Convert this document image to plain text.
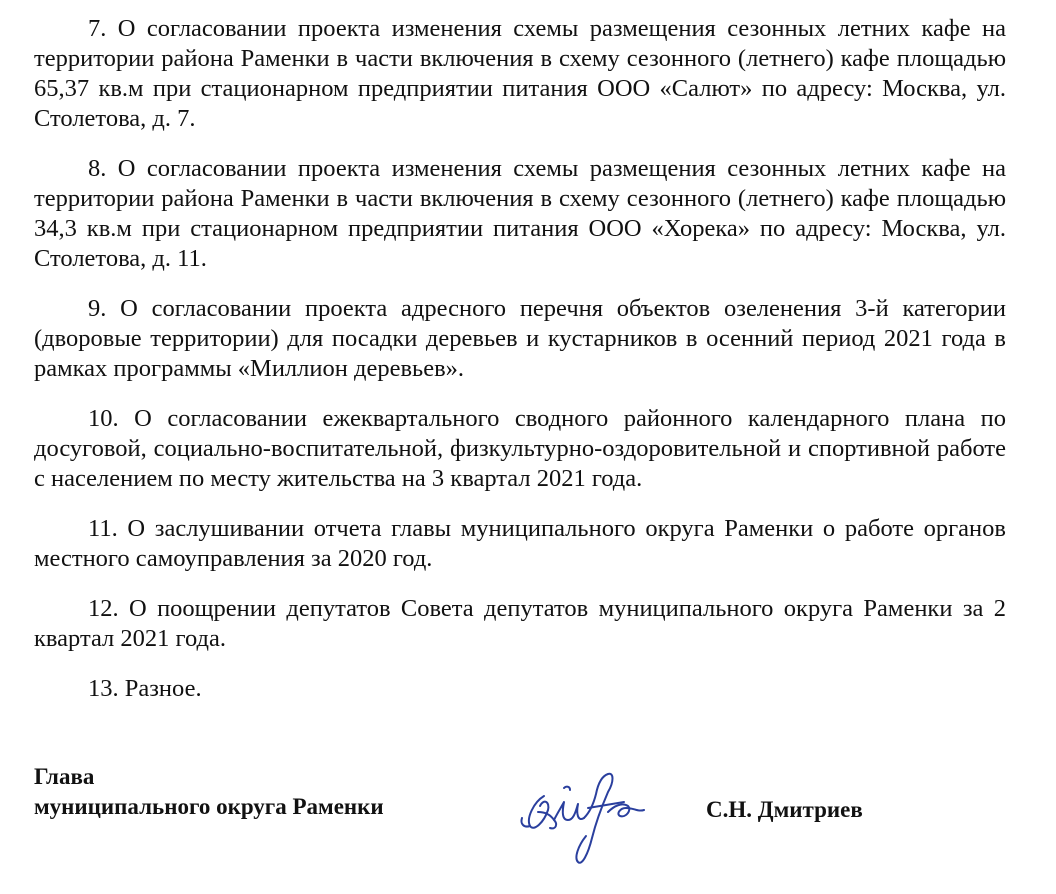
7. О согласовании проекта изменения схемы размещения сезонных летних кафе на территории района Раменки в части включения в схему сезонного (летнего) кафе площадью 65,37 кв.м при стационарном предприятии питания ООО «Салют» по адресу: Москва, ул. Столетова, д. 7.

8. О согласовании проекта изменения схемы размещения сезонных летних кафе на территории района Раменки в части включения в схему сезонного (летнего) кафе площадью 34,3 кв.м при стационарном предприятии питания ООО «Хорека» по адресу: Москва, ул. Столетова, д. 11.

9. О согласовании проекта адресного перечня объектов озеленения 3-й категории (дворовые территории) для посадки деревьев и кустарников в осенний период 2021 года в рамках программы «Миллион деревьев».

10. О согласовании ежеквартального сводного районного календарного плана по досуговой, социально-воспитательной, физкультурно-оздоровительной и спортивной работе с населением по месту жительства на 3 квартал 2021 года.

11. О заслушивании отчета главы муниципального округа Раменки о работе органов местного самоуправления за 2020 год.

12. О поощрении депутатов Совета депутатов муниципального округа Раменки за 2 квартал 2021 года.

13. Разное.

Глава
муниципального округа Раменки	С.Н. Дмитриев
